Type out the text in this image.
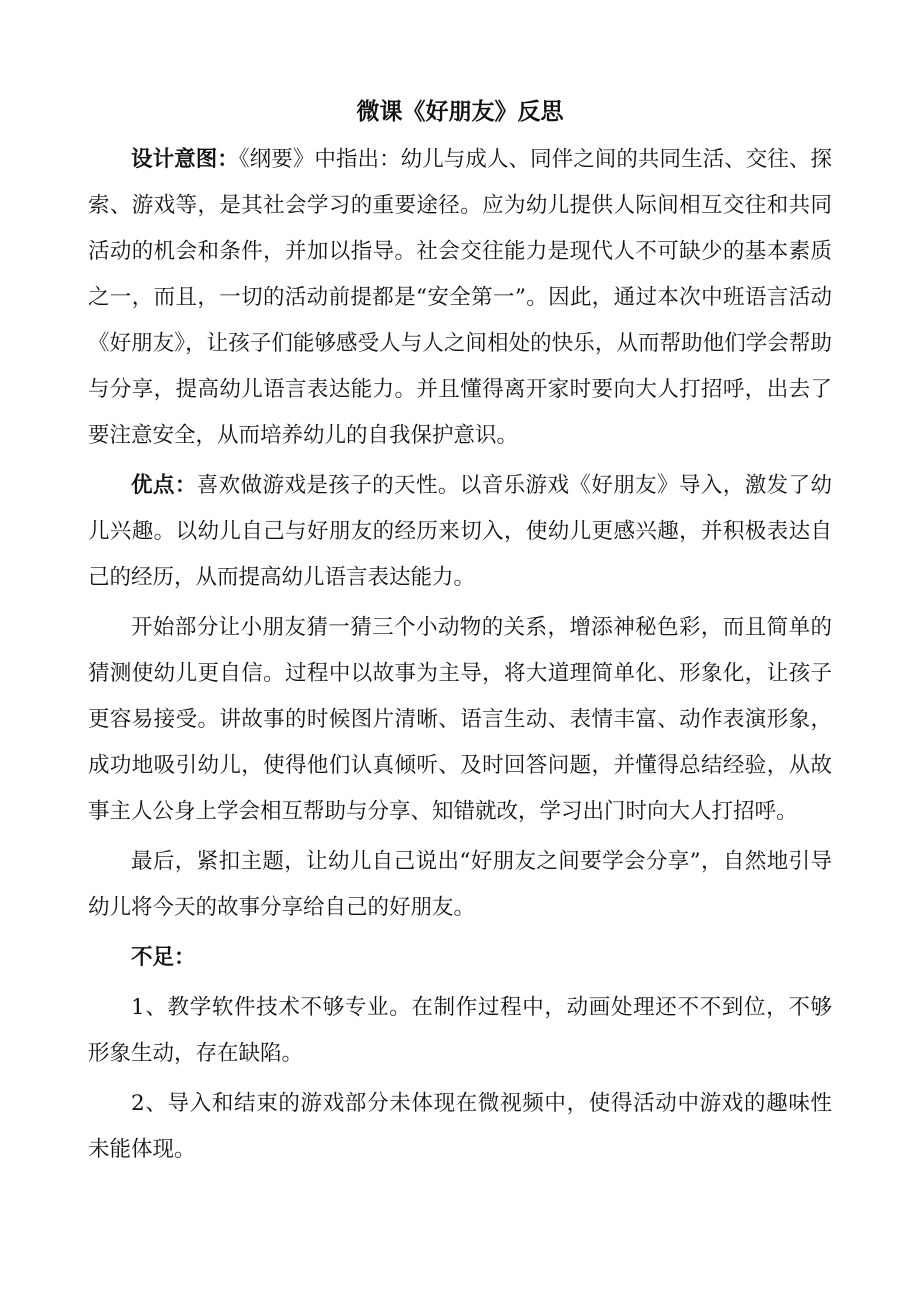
微课《好朋友》反思

设计意图：《纲要》中指出：幼儿与成人、同伴之间的共同生活、交往、探索、游戏等，是其社会学习的重要途径。应为幼儿提供人际间相互交往和共同活动的机会和条件，并加以指导。社会交往能力是现代人不可缺少的基本素质之一，而且，一切的活动前提都是“安全第一”。因此，通过本次中班语言活动《好朋友》，让孩子们能够感受人与人之间相处的快乐，从而帮助他们学会帮助与分享，提高幼儿语言表达能力。并且懂得离开家时要向大人打招呼，出去了要注意安全，从而培养幼儿的自我保护意识。

优点：喜欢做游戏是孩子的天性。以音乐游戏《好朋友》导入，激发了幼儿兴趣。以幼儿自己与好朋友的经历来切入，使幼儿更感兴趣，并积极表达自己的经历，从而提高幼儿语言表达能力。

开始部分让小朋友猜一猜三个小动物的关系，增添神秘色彩，而且简单的猜测使幼儿更自信。过程中以故事为主导，将大道理简单化、形象化，让孩子更容易接受。讲故事的时候图片清晰、语言生动、表情丰富、动作表演形象，成功地吸引幼儿，使得他们认真倾听、及时回答问题，并懂得总结经验，从故事主人公身上学会相互帮助与分享、知错就改，学习出门时向大人打招呼。

最后，紧扣主题，让幼儿自己说出“好朋友之间要学会分享”，自然地引导幼儿将今天的故事分享给自己的好朋友。

不足：

1、教学软件技术不够专业。在制作过程中，动画处理还不不到位，不够形象生动，存在缺陷。

2、导入和结束的游戏部分未体现在微视频中，使得活动中游戏的趣味性未能体现。
